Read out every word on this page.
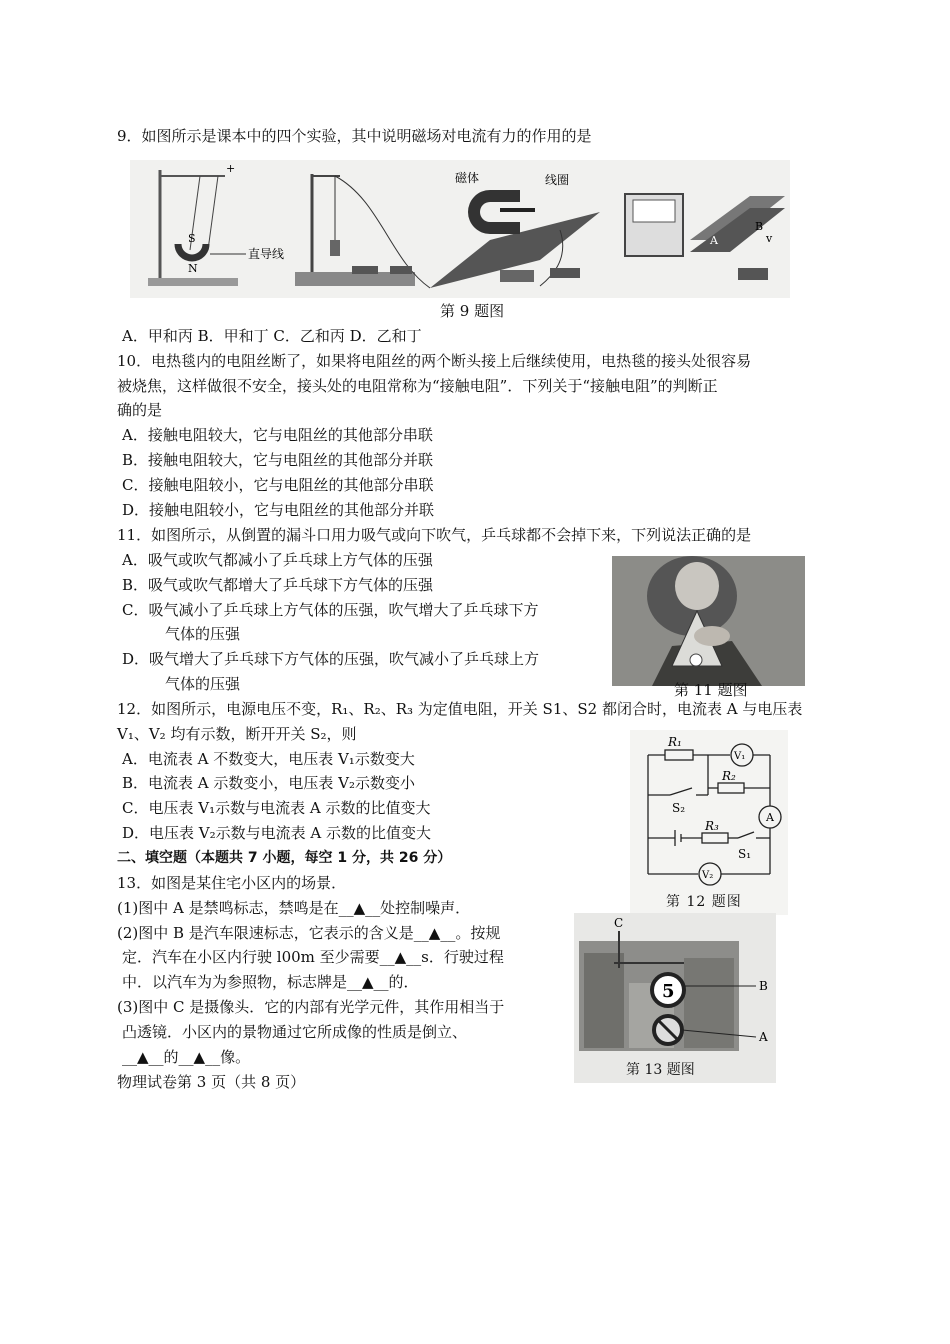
9．如图所示是课本中的四个实验，其中说明磁场对电流有力的作用的是
S
N
直导线
+
磁体	线圈
B
A	v
第 9 题图
A．甲和丙 B．甲和丁 C．乙和丙 D．乙和丁
10．电热毯内的电阻丝断了，如果将电阻丝的两个断头接上后继续使用，电热毯的接头处很容易
被烧焦，这样做很不安全，接头处的电阻常称为“接触电阻”．下列关于“接触电阻”的判断正
确的是
A．接触电阻较大，它与电阻丝的其他部分串联
B．接触电阻较大，它与电阻丝的其他部分并联
C．接触电阻较小，它与电阻丝的其他部分串联
D．接触电阻较小，它与电阻丝的其他部分并联
11．如图所示，从倒置的漏斗口用力吸气或向下吹气，乒乓球都不会掉下来，下列说法正确的是
A．吸气或吹气都减小了乒乓球上方气体的压强
B．吸气或吹气都增大了乒乓球下方气体的压强
C．吸气减小了乒乓球上方气体的压强，吹气增大了乒乓球下方
气体的压强
D．吸气增大了乒乓球下方气体的压强，吹气减小了乒乓球上方
气体的压强	第 11 题图
12．如图所示，电源电压不变，R₁、R₂、R₃ 为定值电阻，开关 S1、S2 都闭合时，电流表 A 与电压表
V₁、V₂ 均有示数，断开开关 S₂，则
A．电流表 A 不数变大，电压表 V₁示数变大
B．电流表 A 示数变小，电压表 V₂示数变小
C．电压表 V₁示数与电流表 A 示数的比值变大
D．电压表 V₂示数与电流表 A 示数的比值变大
R₁
V₁
R₂
S₂
A
R₃
S₁
V₂
第 12 题图
二、填空题（本题共 7 小题，每空 1 分，共 26 分）
13．如图是某住宅小区内的场景．
(1)图中 A 是禁鸣标志，禁鸣是在__▲__处控制噪声．
(2)图中 B 是汽车限速标志，它表示的含义是__▲__。按规
定．汽车在小区内行驶 l00m 至少需要__▲__s．行驶过程
中．以汽车为为参照物，标志牌是__▲__的．
(3)图中 C 是摄像头．它的内部有光学元件，其作用相当于
凸透镜．小区内的景物通过它所成像的性质是倒立、
__▲__的__▲__像。
5
C
B
A
第 13 题图
物理试卷第 3 页（共 8 页）
